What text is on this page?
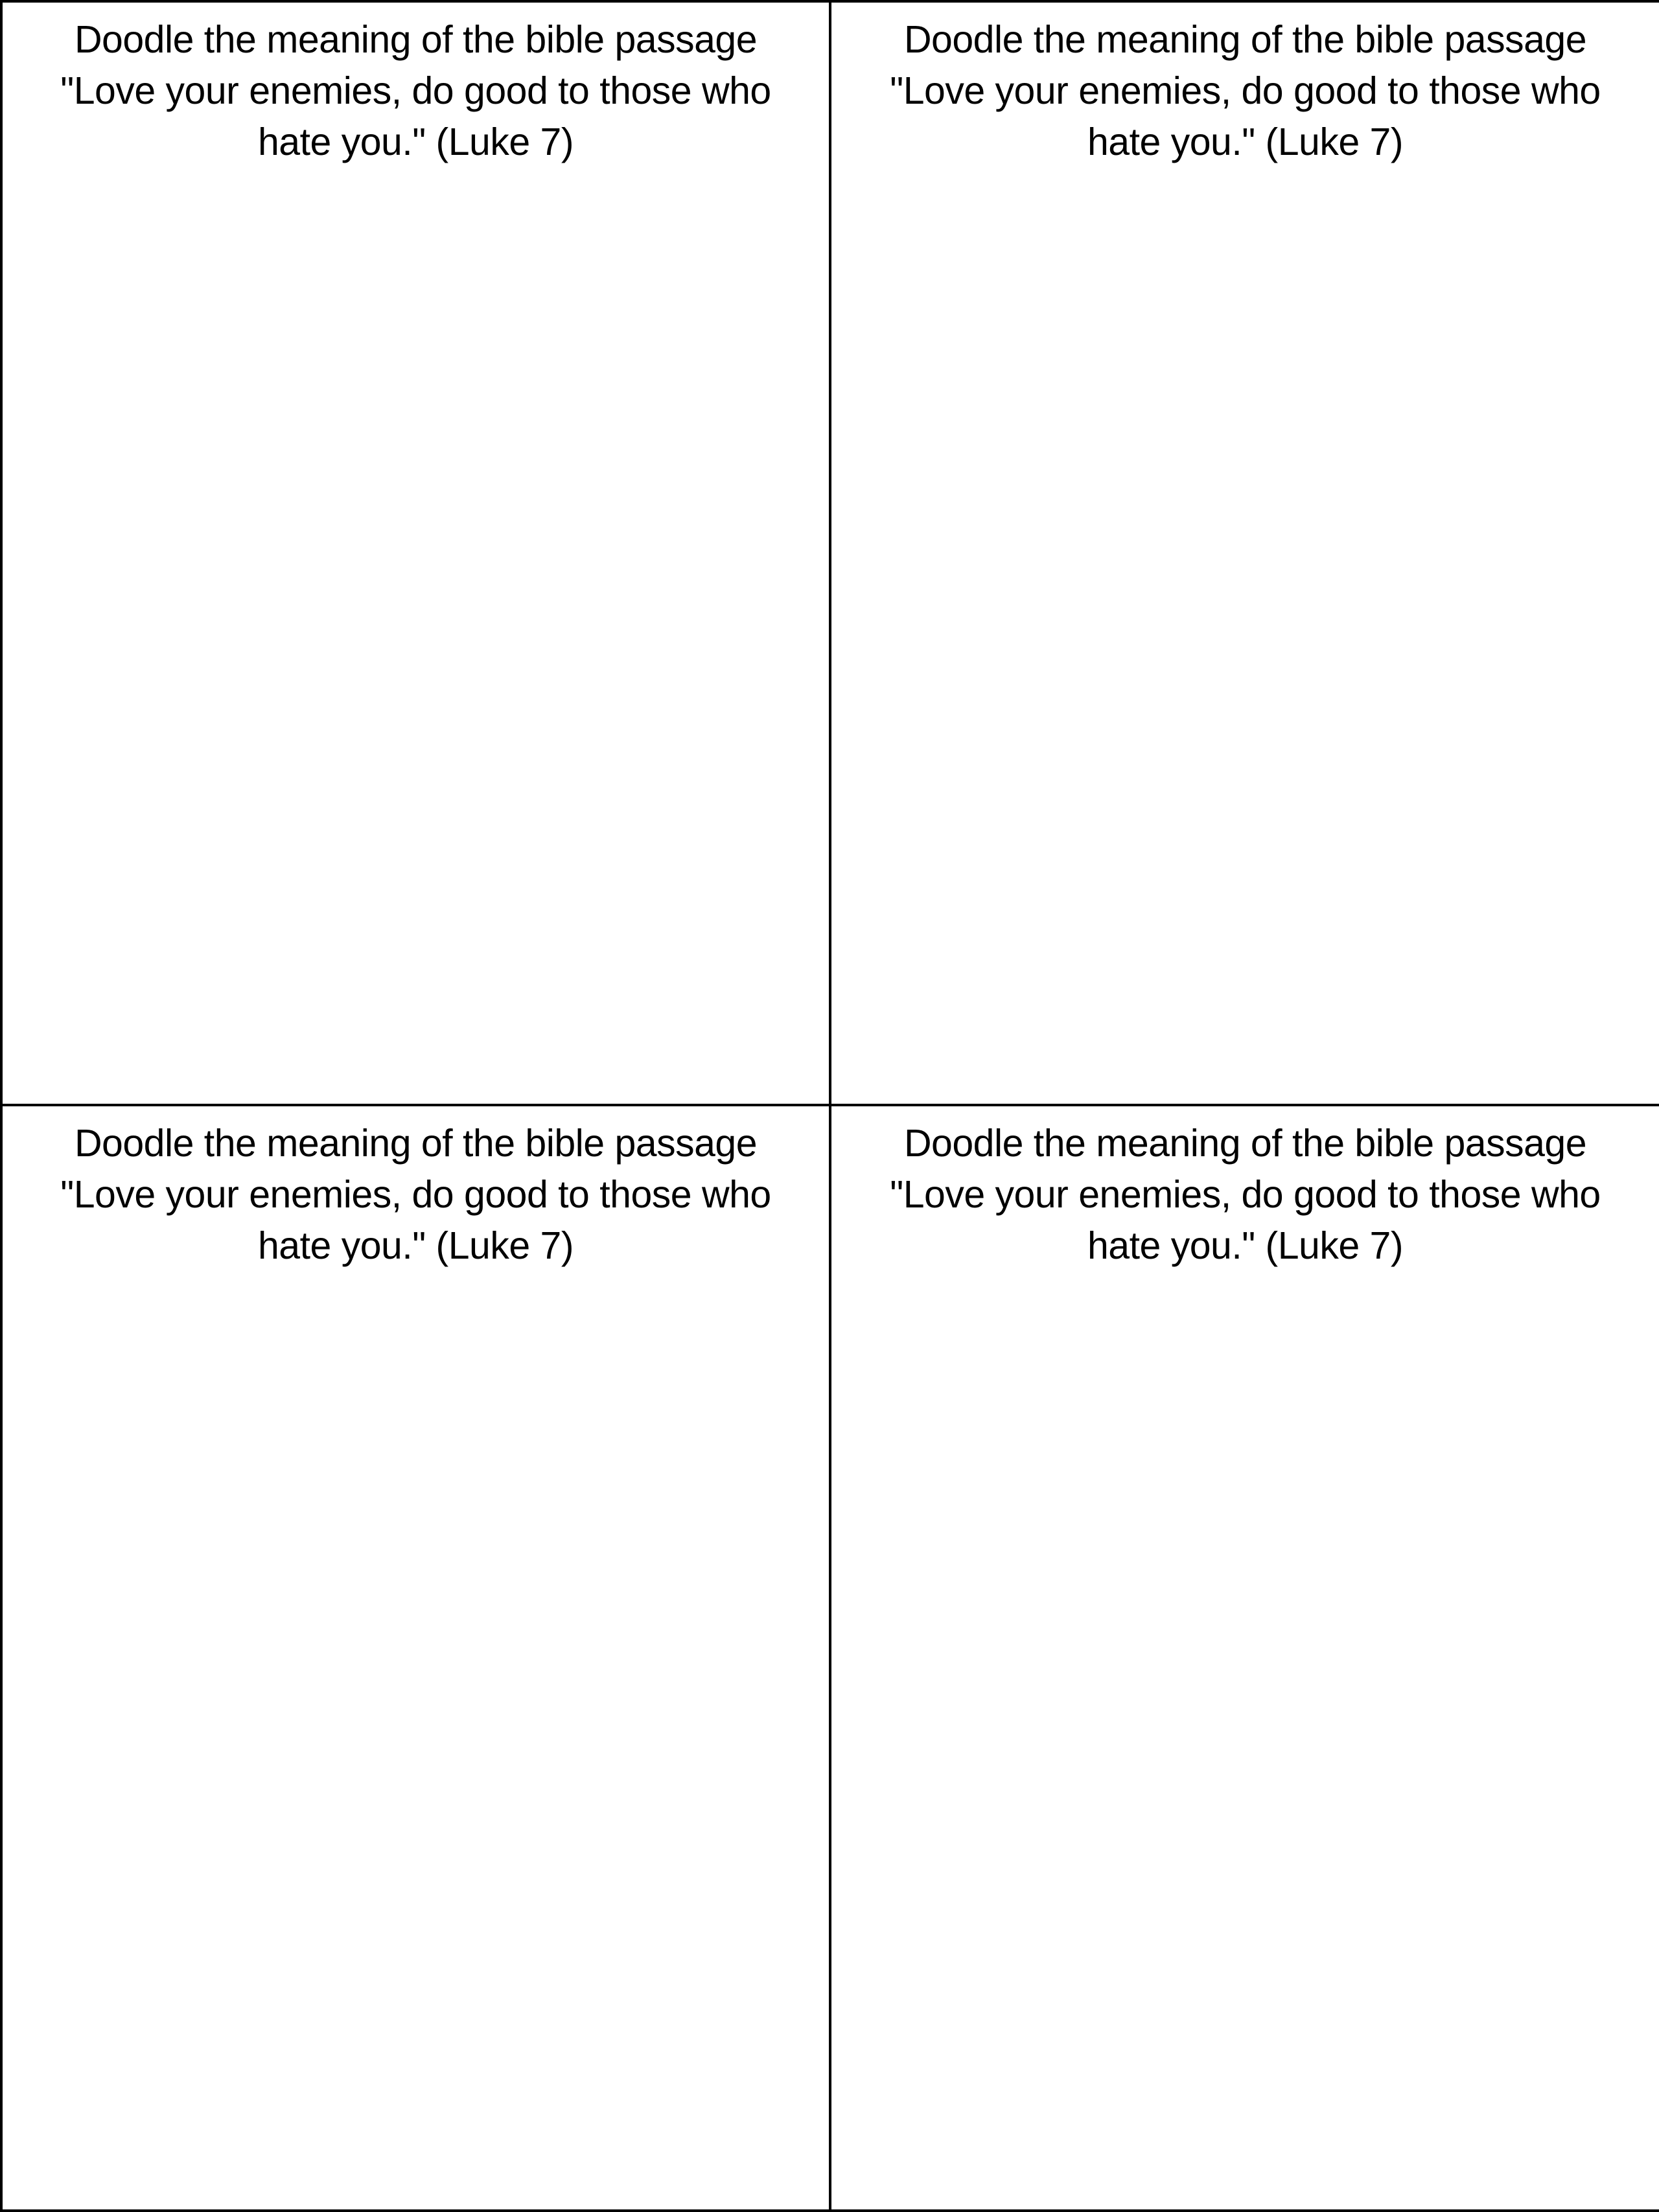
Doodle the meaning of the bible passage
"Love your enemies, do good to those who
hate you." (Luke 7)

Doodle the meaning of the bible passage
"Love your enemies, do good to those who
hate you." (Luke 7)

Doodle the meaning of the bible passage
"Love your enemies, do good to those who
hate you." (Luke 7)

Doodle the meaning of the bible passage
"Love your enemies, do good to those who
hate you." (Luke 7)
